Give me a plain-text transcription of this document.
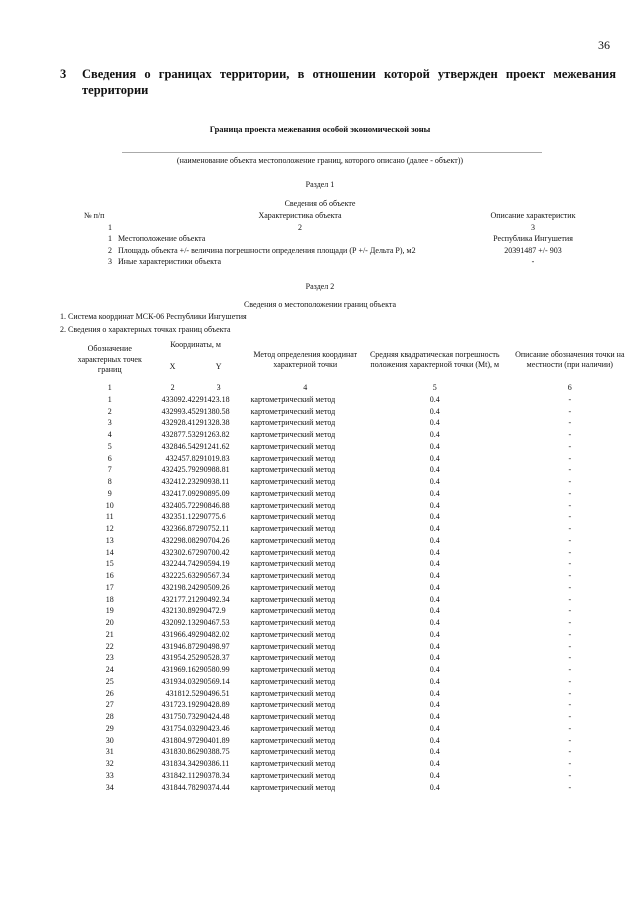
36
3 Сведения о границах территории, в отношении которой утвержден проект межевания территории
Граница проекта межевания особой экономической зоны
(наименование объекта местоположение границ, которого описано (далее - объект))
Раздел 1
Сведения об объекте
№ п/п	Характеристика объекта	Описание характеристик
1	2	3
1	Местоположение объекта	Республика Ингушетия
2	Площадь объекта +/- величина погрешности определения площади (Р +/- Дельта Р), м2	20391487 +/- 903
3	Иные характеристики объекта	-
Раздел 2
Сведения о местоположении границ объекта
1. Система координат МСК-06 Республики Ингушетия
2. Сведения о характерных точках границ объекта
Обозначение характерных точек границ	Координаты, м		Метод определения координат характерной точки	Средняя квадратическая погрешность положения характерной точки (Мt), м	Описание обозначения точки на местности (при наличии)
	X	Y			
1	2	3	4	5	6
1	433092.42	291423.18	картометрический метод	0.4	-
2	432993.45	291380.58	картометрический метод	0.4	-
3	432928.41	291328.38	картометрический метод	0.4	-
4	432877.53	291263.82	картометрический метод	0.4	-
5	432846.54	291241.62	картометрический метод	0.4	-
6	432457.8	291019.83	картометрический метод	0.4	-
7	432425.79	290988.81	картометрический метод	0.4	-
8	432412.23	290938.11	картометрический метод	0.4	-
9	432417.09	290895.09	картометрический метод	0.4	-
10	432405.72	290846.88	картометрический метод	0.4	-
11	432351.12	290775.6	картометрический метод	0.4	-
12	432366.87	290752.11	картометрический метод	0.4	-
13	432298.08	290704.26	картометрический метод	0.4	-
14	432302.67	290700.42	картометрический метод	0.4	-
15	432244.74	290594.19	картометрический метод	0.4	-
16	432225.63	290567.34	картометрический метод	0.4	-
17	432198.24	290509.26	картометрический метод	0.4	-
18	432177.21	290492.34	картометрический метод	0.4	-
19	432130.89	290472.9	картометрический метод	0.4	-
20	432092.13	290467.53	картометрический метод	0.4	-
21	431966.49	290482.02	картометрический метод	0.4	-
22	431946.87	290498.97	картометрический метод	0.4	-
23	431954.25	290528.37	картометрический метод	0.4	-
24	431969.16	290580.99	картометрический метод	0.4	-
25	431934.03	290569.14	картометрический метод	0.4	-
26	431812.5	290496.51	картометрический метод	0.4	-
27	431723.19	290428.89	картометрический метод	0.4	-
28	431750.73	290424.48	картометрический метод	0.4	-
29	431754.03	290423.46	картометрический метод	0.4	-
30	431804.97	290401.89	картометрический метод	0.4	-
31	431830.86	290388.75	картометрический метод	0.4	-
32	431834.34	290386.11	картометрический метод	0.4	-
33	431842.11	290378.34	картометрический метод	0.4	-
34	431844.78	290374.44	картометрический метод	0.4	-
